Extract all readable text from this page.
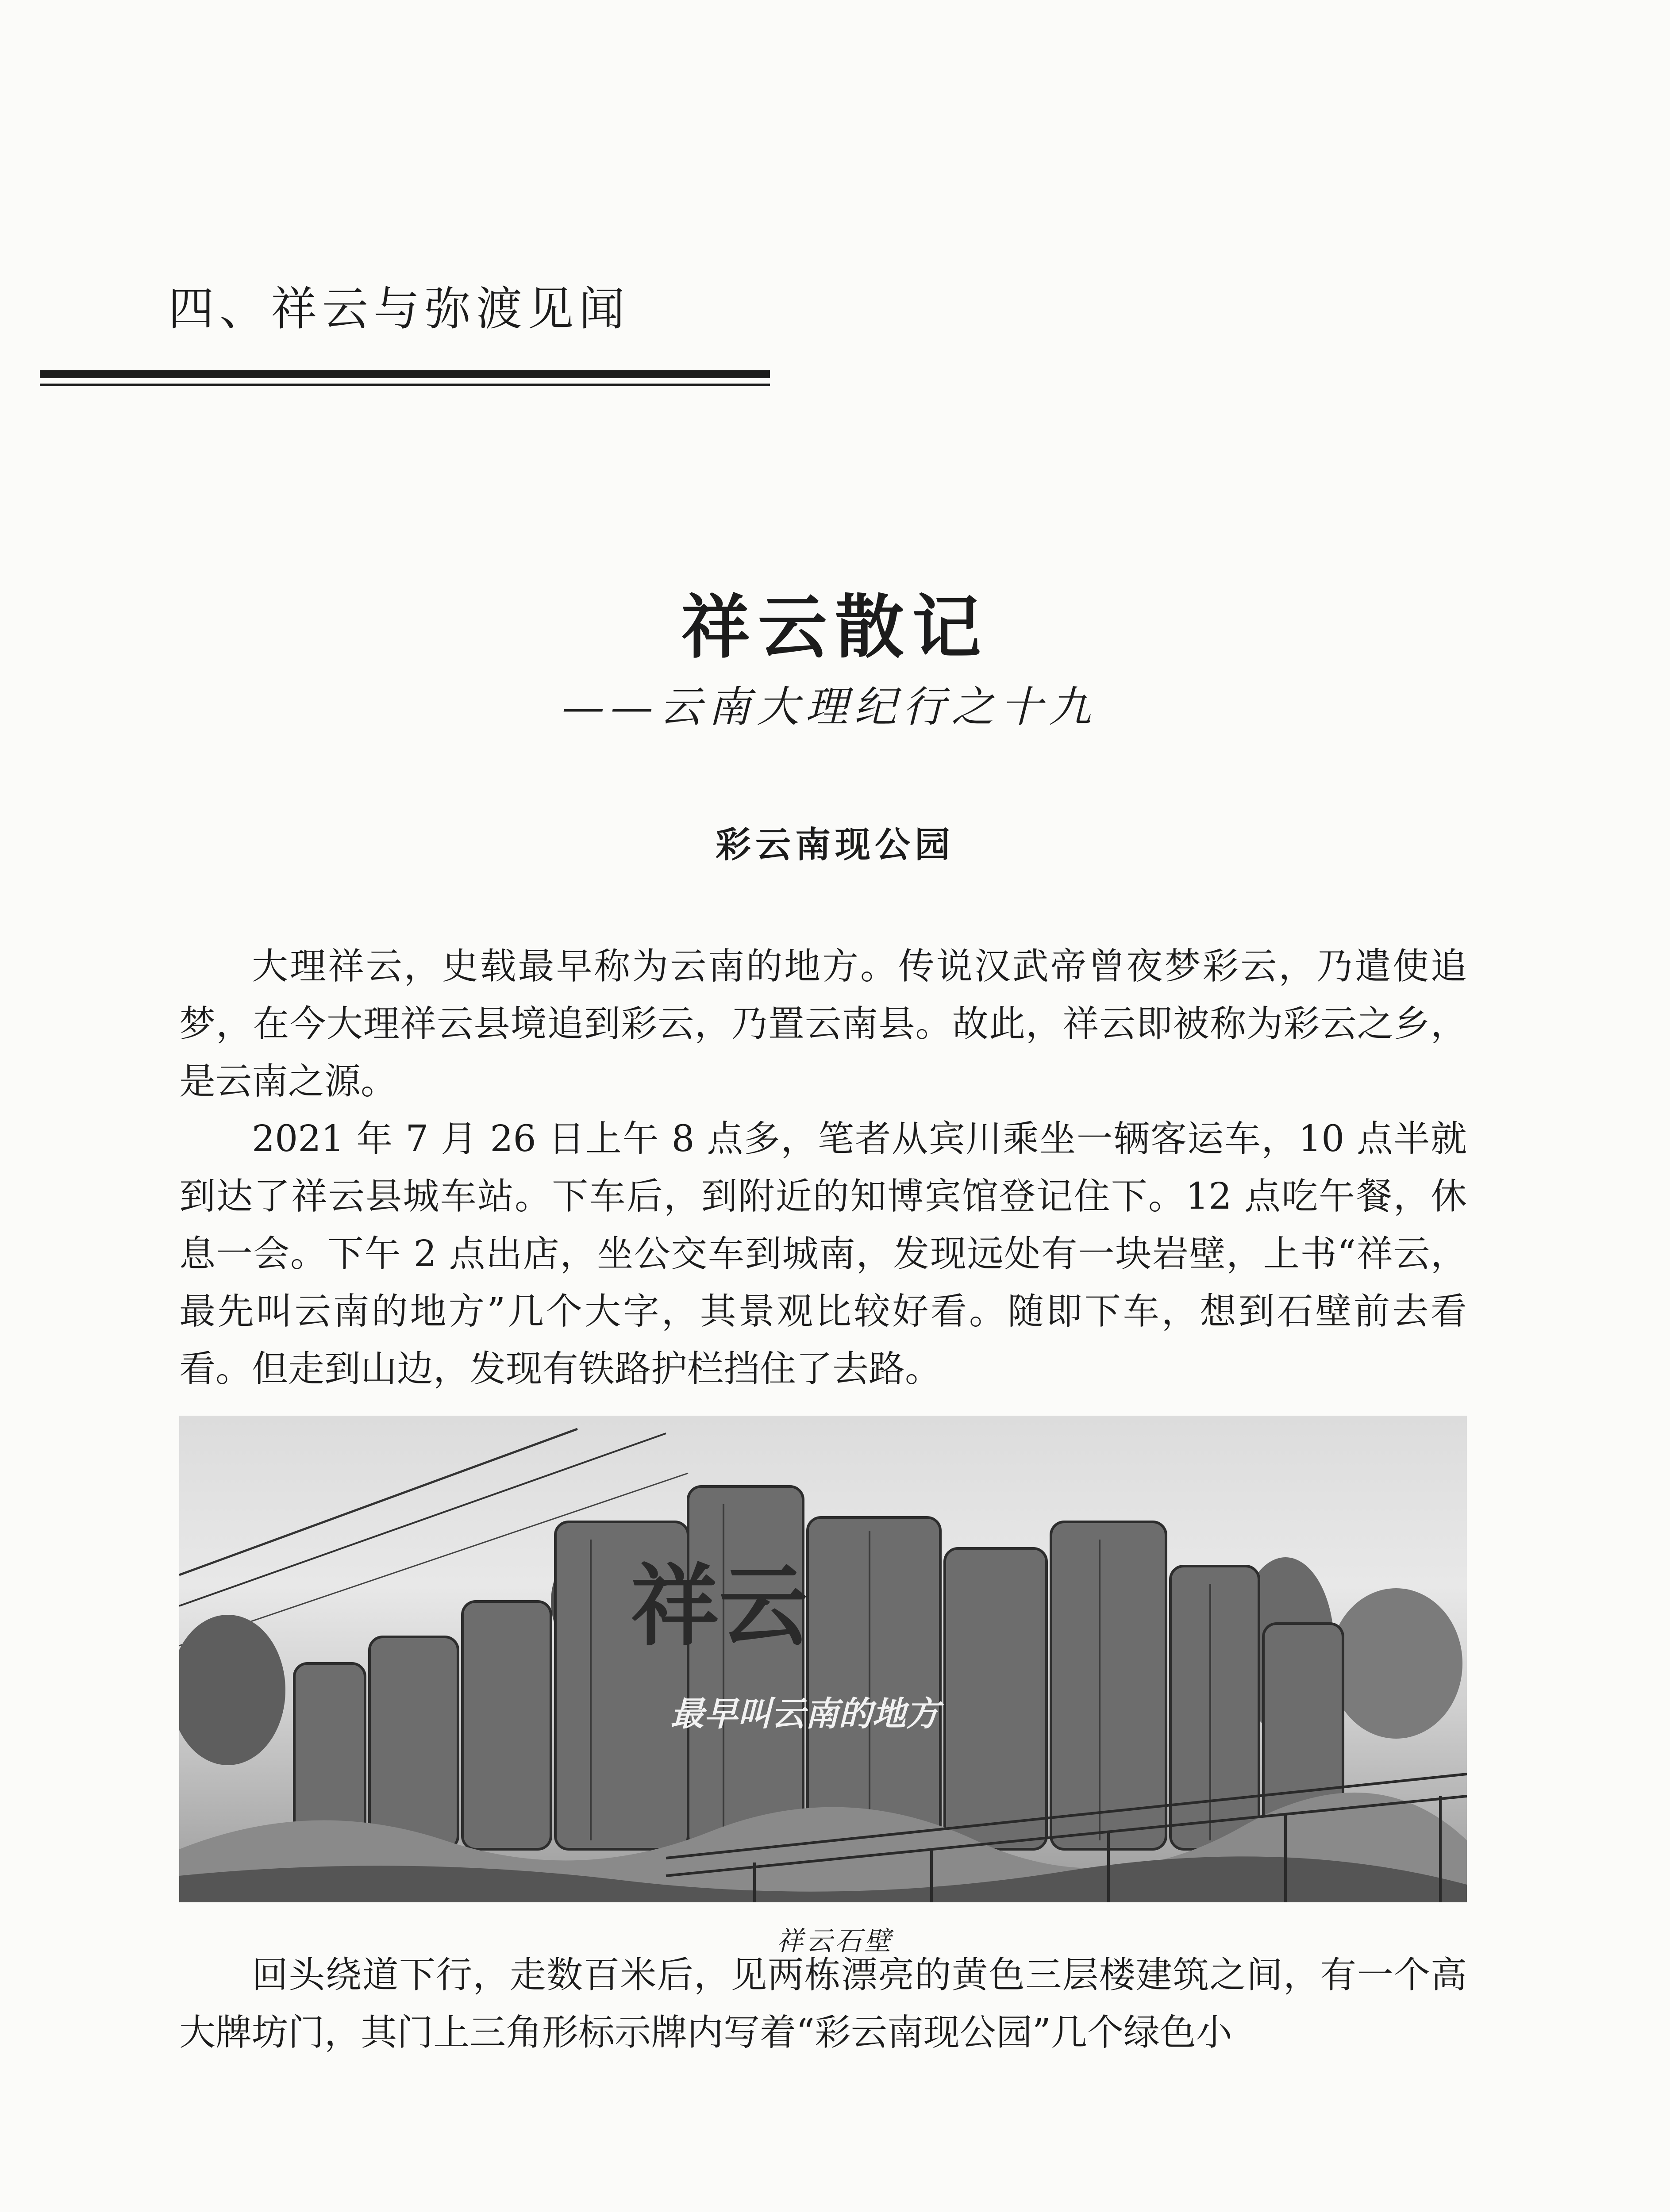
四、祥云与弥渡见闻
祥云散记
——云南大理纪行之十九
彩云南现公园

大理祥云，史载最早称为云南的地方。传说汉武帝曾夜梦彩云，乃遣使追梦，在今大理祥云县境追到彩云，乃置云南县。故此，祥云即被称为彩云之乡，是云南之源。

2021 年 7 月 26 日上午 8 点多，笔者从宾川乘坐一辆客运车，10 点半就到达了祥云县城车站。下车后，到附近的知博宾馆登记住下。12 点吃午餐，休息一会。下午 2 点出店，坐公交车到城南，发现远处有一块岩壁，上书“祥云，最先叫云南的地方”几个大字，其景观比较好看。随即下车，想到石壁前去看看。但走到山边，发现有铁路护栏挡住了去路。

祥云
最早叫云南的地方
祥云石壁

回头绕道下行，走数百米后，见两栋漂亮的黄色三层楼建筑之间，有一个高大牌坊门，其门上三角形标示牌内写着“彩云南现公园”几个绿色小
